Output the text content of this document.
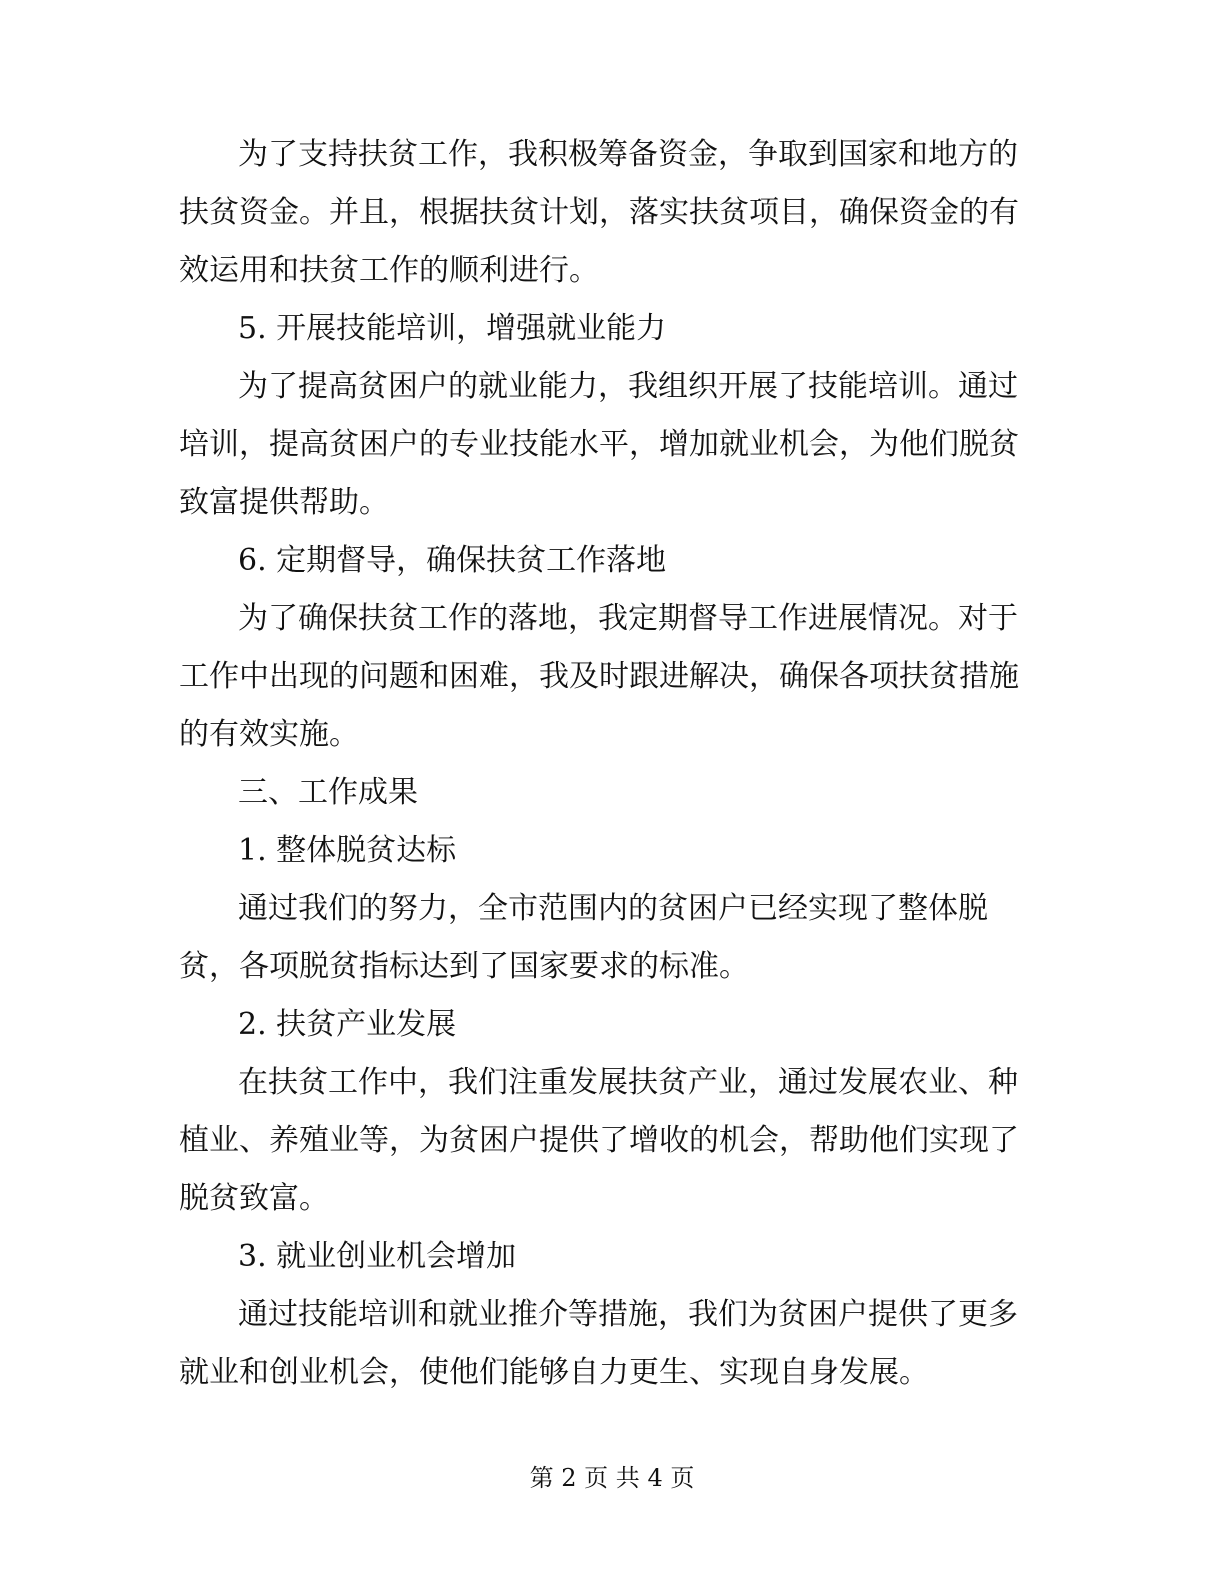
为了支持扶贫工作，我积极筹备资金，争取到国家和地方的

扶贫资金。并且，根据扶贫计划，落实扶贫项目，确保资金的有

效运用和扶贫工作的顺利进行。

5. 开展技能培训，增强就业能力

为了提高贫困户的就业能力，我组织开展了技能培训。通过

培训，提高贫困户的专业技能水平，增加就业机会，为他们脱贫

致富提供帮助。

6. 定期督导，确保扶贫工作落地

为了确保扶贫工作的落地，我定期督导工作进展情况。对于

工作中出现的问题和困难，我及时跟进解决，确保各项扶贫措施

的有效实施。

三、工作成果

1. 整体脱贫达标

通过我们的努力，全市范围内的贫困户已经实现了整体脱

贫，各项脱贫指标达到了国家要求的标准。

2. 扶贫产业发展

在扶贫工作中，我们注重发展扶贫产业，通过发展农业、种

植业、养殖业等，为贫困户提供了增收的机会，帮助他们实现了

脱贫致富。

3. 就业创业机会增加

通过技能培训和就业推介等措施，我们为贫困户提供了更多

就业和创业机会，使他们能够自力更生、实现自身发展。

第 2 页 共 4 页
